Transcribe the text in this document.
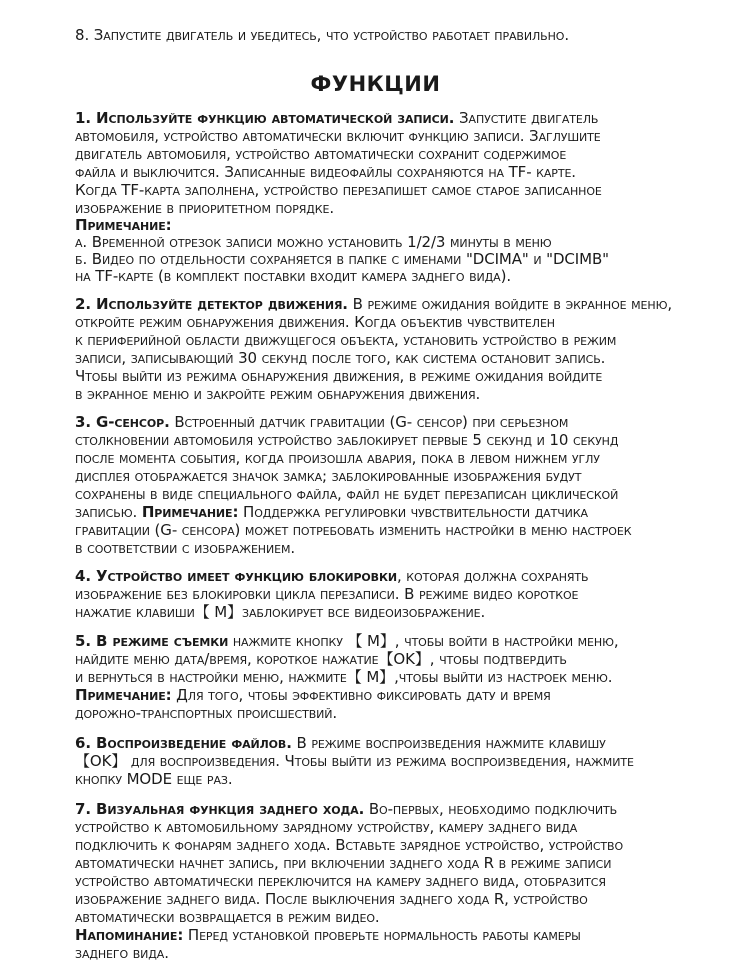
8. Запустите двигатель и убедитесь, что устройство работает правильно.
ФУНКЦИИ
1. Используйте функцию автоматической записи. Запустите двигатель
автомобиля, устройство автоматически включит функцию записи. Заглушите
двигатель автомобиля, устройство автоматически сохранит содержимое
файла и выключится. Записанные видеофайлы сохраняются на TF- карте.
Когда TF-карта заполнена, устройство перезапишет самое старое записанное
изображение в приоритетном порядке.
Примечание:
а. Временной отрезок записи можно установить 1/2/3 минуты в меню
б. Видео по отдельности сохраняется в папке с именами "DCIMA" и "DCIMB"
на TF-карте (в комплект поставки входит камера заднего вида).
2. Используйте детектор движения. В режиме ожидания войдите в экранное меню,
откройте режим обнаружения движения. Когда объектив чувствителен
к периферийной области движущегося объекта, установить устройство в режим
записи, записывающий 30 секунд после того, как система остановит запись.
Чтобы выйти из режима обнаружения движения, в режиме ожидания войдите
в экранное меню и закройте режим обнаружения движения.
3. G-сенсор. Встроенный датчик гравитации (G- сенсор) при серьезном
столкновении автомобиля устройство заблокирует первые 5 секунд и 10 секунд
после момента события, когда произошла авария, пока в левом нижнем углу
дисплея отображается значок замка; заблокированные изображения будут
сохранены в виде специального файла, файл не будет перезаписан циклической
записью. Примечание: Поддержка регулировки чувствительности датчика
гравитации (G- сенсора) может потребовать изменить настройки в меню настроек
в соответствии с изображением.
4. Устройство имеет функцию блокировки, которая должна сохранять
изображение без блокировки цикла перезаписи. В режиме видео короткое
нажатие клавиши【 M】заблокирует все видеоизображение.
5. В режиме съемки нажмите кнопку 【 M】, чтобы войти в настройки меню,
найдите меню дата/время, короткое нажатие【OK】, чтобы подтвердить
и вернуться в настройки меню, нажмите【 M】,чтобы выйти из настроек меню.
Примечание: Для того, чтобы эффективно фиксировать дату и время
дорожно-транспортных происшествий.
6. Воспроизведение файлов. В режиме воспроизведения нажмите клавишу
【OK】 для воспроизведения. Чтобы выйти из режима воспроизведения, нажмите
кнопку MODE еще раз.
7. Визуальная функция заднего хода. Во-первых, необходимо подключить
устройство к автомобильному зарядному устройству, камеру заднего вида
подключить к фонарям заднего хода. Вставьте зарядное устройство, устройство
автоматически начнет запись, при включении заднего хода R в режиме записи
устройство автоматически переключится на камеру заднего вида, отобразится
изображение заднего вида. После выключения заднего хода R, устройство
автоматически возвращается в режим видео.
Напоминание: Перед установкой проверьте нормальность работы камеры
заднего вида.
